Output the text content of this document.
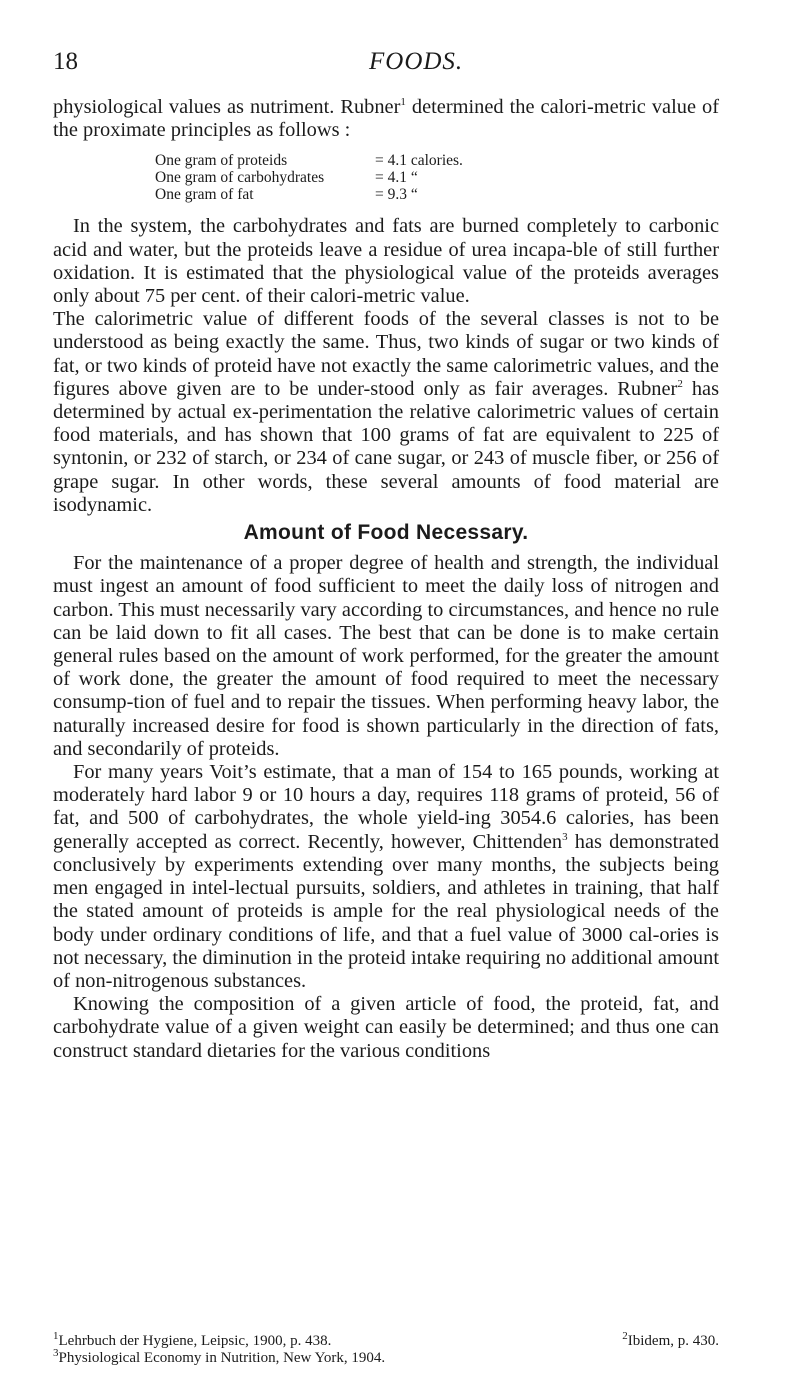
18	FOODS.

physiological values as nutriment. Rubner$^1$ determined the calori-metric value of the proximate principles as follows :

One gram of proteids	= 4.1 calories.
One gram of carbohydrates	= 4.1 “
One gram of fat	= 9.3 “

In the system, the carbohydrates and fats are burned completely to carbonic acid and water, but the proteids leave a residue of urea incapa-ble of still further oxidation. It is estimated that the physiological value of the proteids averages only about 75 per cent. of their calori-metric value.

The calorimetric value of different foods of the several classes is not to be understood as being exactly the same. Thus, two kinds of sugar or two kinds of fat, or two kinds of proteid have not exactly the same calorimetric values, and the figures above given are to be under-stood only as fair averages. Rubner$^2$ has determined by actual ex-perimentation the relative calorimetric values of certain food materials, and has shown that 100 grams of fat are equivalent to 225 of syntonin, or 232 of starch, or 234 of cane sugar, or 243 of muscle fiber, or 256 of grape sugar. In other words, these several amounts of food material are isodynamic.

Amount of Food Necessary.

For the maintenance of a proper degree of health and strength, the individual must ingest an amount of food sufficient to meet the daily loss of nitrogen and carbon. This must necessarily vary according to circumstances, and hence no rule can be laid down to fit all cases. The best that can be done is to make certain general rules based on the amount of work performed, for the greater the amount of work done, the greater the amount of food required to meet the necessary consump-tion of fuel and to repair the tissues. When performing heavy labor, the naturally increased desire for food is shown particularly in the direction of fats, and secondarily of proteids.

For many years Voit’s estimate, that a man of 154 to 165 pounds, working at moderately hard labor 9 or 10 hours a day, requires 118 grams of proteid, 56 of fat, and 500 of carbohydrates, the whole yield-ing 3054.6 calories, has been generally accepted as correct. Recently, however, Chittenden$^3$ has demonstrated conclusively by experiments extending over many months, the subjects being men engaged in intel-lectual pursuits, soldiers, and athletes in training, that half the stated amount of proteids is ample for the real physiological needs of the body under ordinary conditions of life, and that a fuel value of 3000 cal-ories is not necessary, the diminution in the proteid intake requiring no additional amount of non-nitrogenous substances.

Knowing the composition of a given article of food, the proteid, fat, and carbohydrate value of a given weight can easily be determined; and thus one can construct standard dietaries for the various conditions

$^1$Lehrbuch der Hygiene, Leipsic, 1900, p. 438.	$^2$Ibidem, p. 430.
$^3$Physiological Economy in Nutrition, New York, 1904.
